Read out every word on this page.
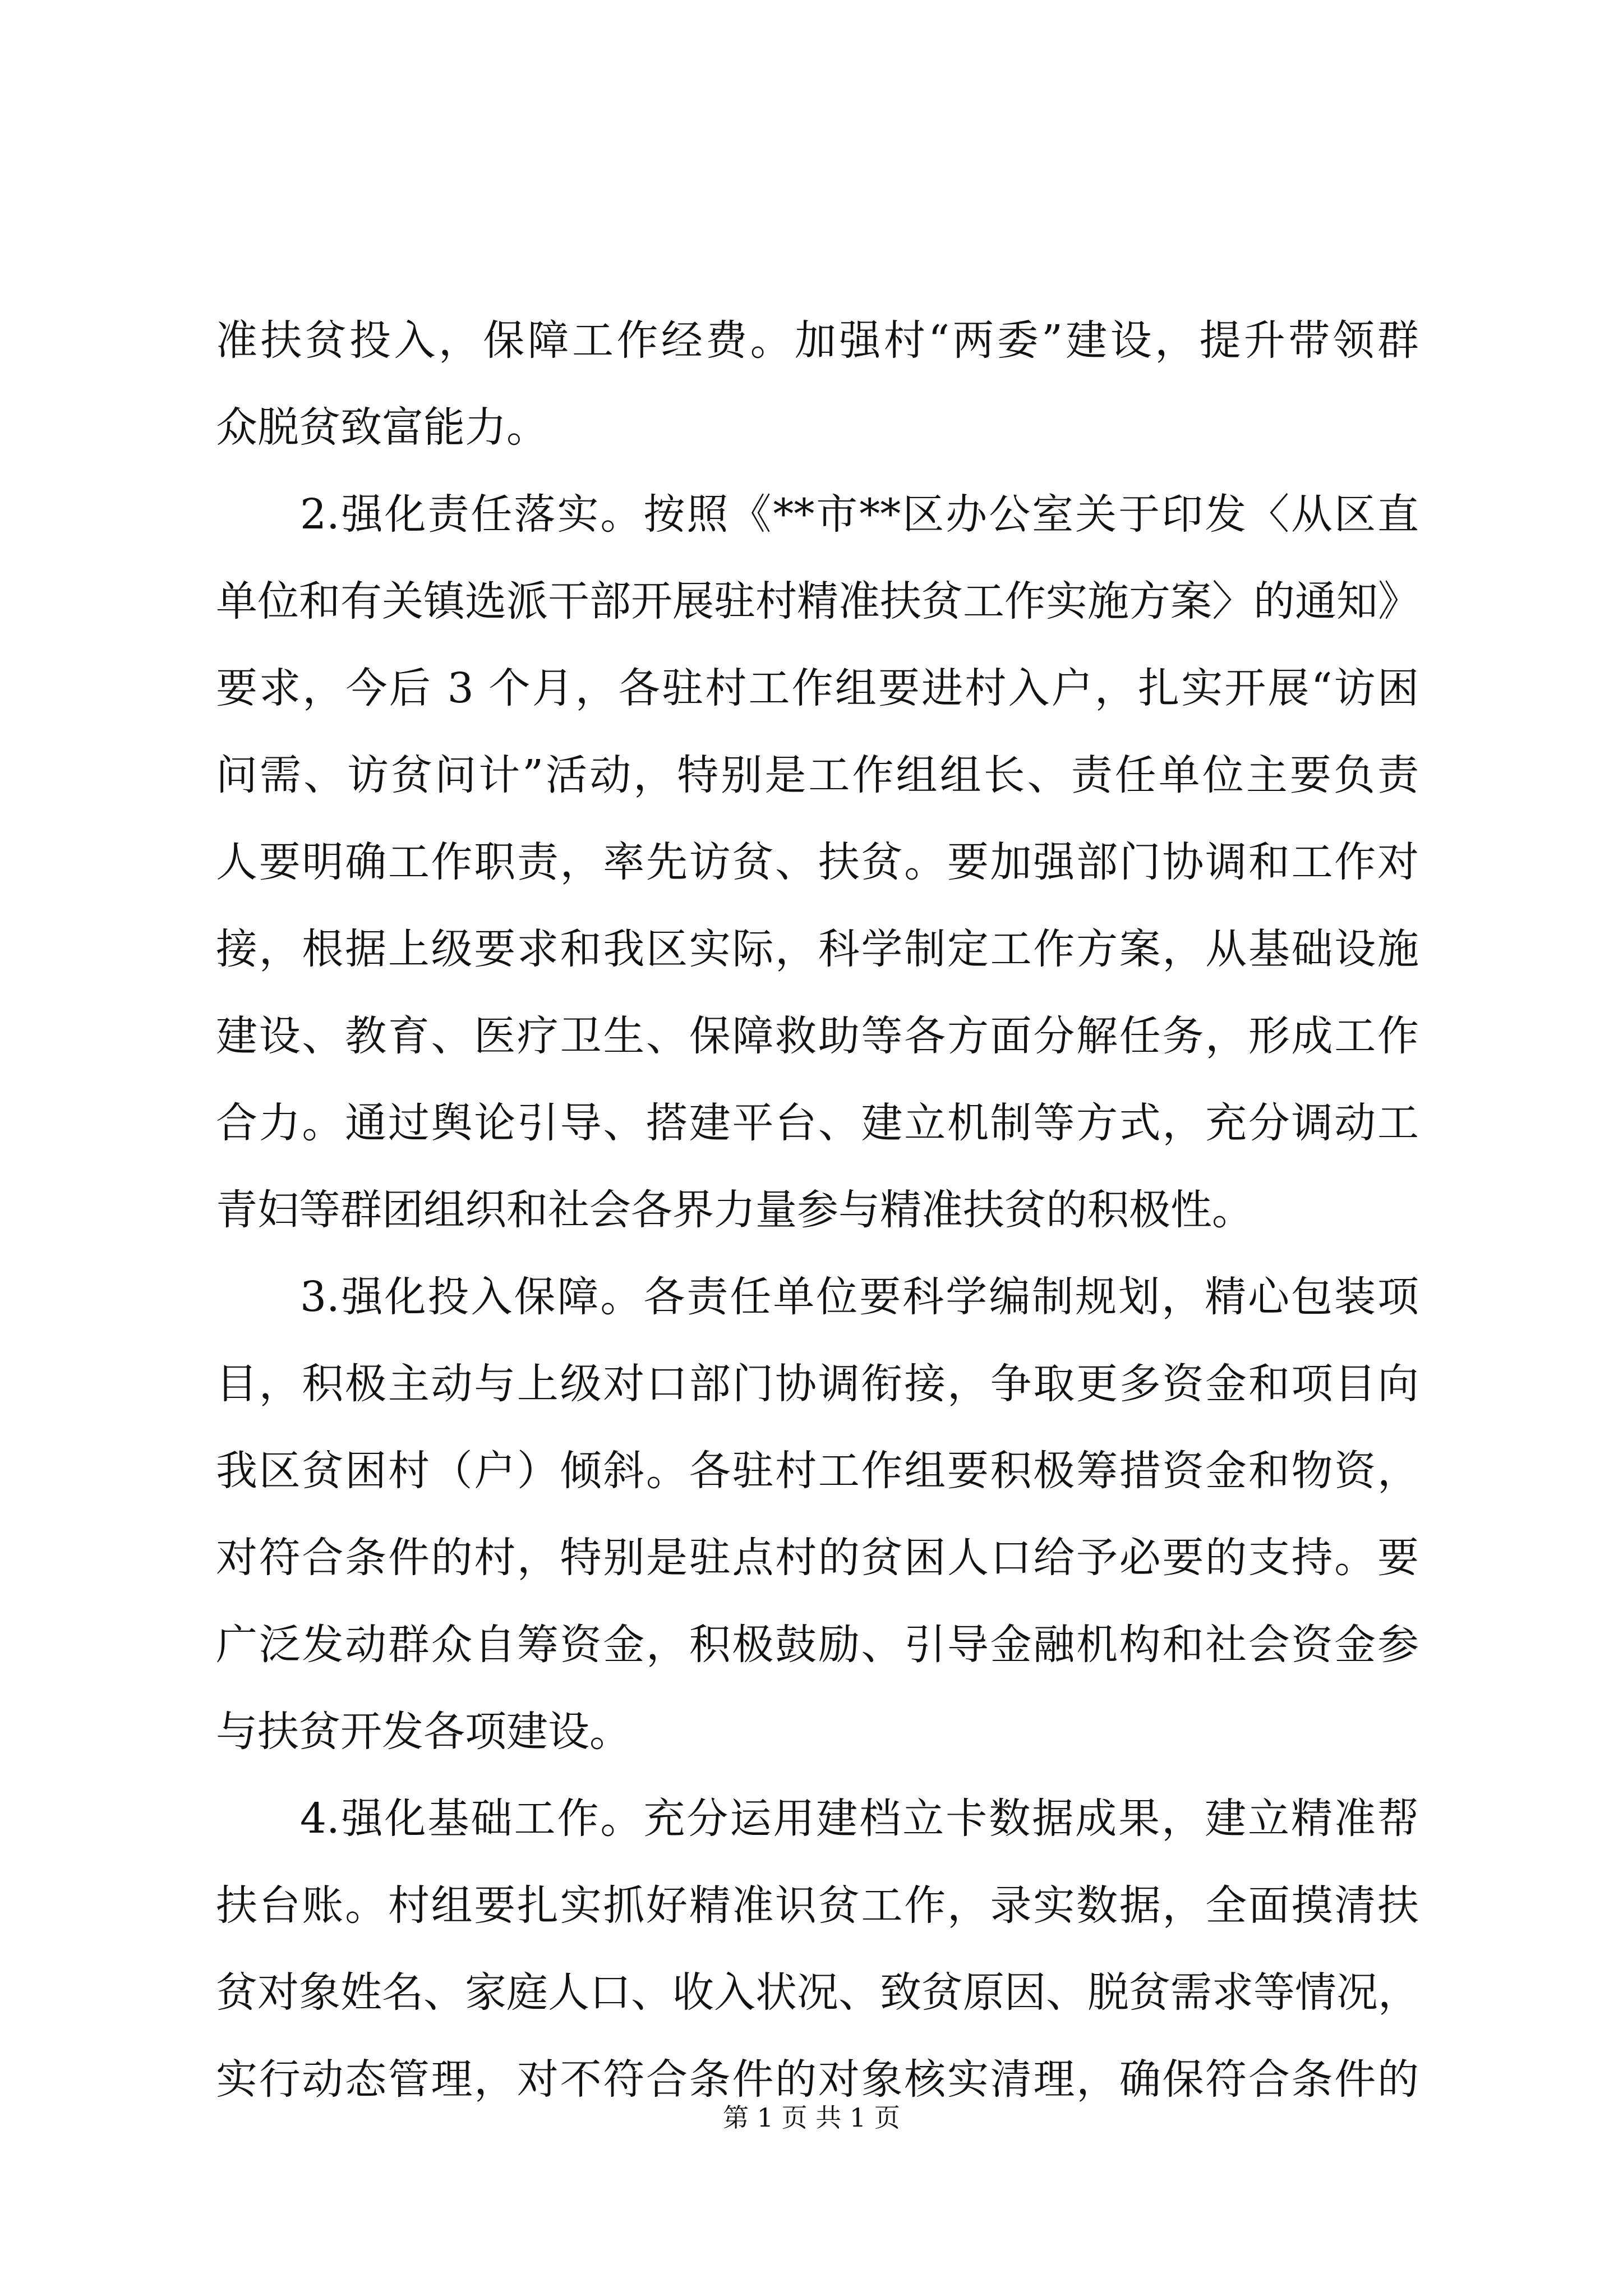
准扶贫投入，保障工作经费。加强村“两委”建设，提升带领群
众脱贫致富能力。
2.强化责任落实。按照《**市**区办公室关于印发〈从区直
单位和有关镇选派干部开展驻村精准扶贫工作实施方案〉的通知》
要求，今后 3 个月，各驻村工作组要进村入户，扎实开展“访困
问需、访贫问计”活动，特别是工作组组长、责任单位主要负责
人要明确工作职责，率先访贫、扶贫。要加强部门协调和工作对
接，根据上级要求和我区实际，科学制定工作方案，从基础设施
建设、教育、医疗卫生、保障救助等各方面分解任务，形成工作
合力。通过舆论引导、搭建平台、建立机制等方式，充分调动工
青妇等群团组织和社会各界力量参与精准扶贫的积极性。
3.强化投入保障。各责任单位要科学编制规划，精心包装项
目，积极主动与上级对口部门协调衔接，争取更多资金和项目向
我区贫困村（户）倾斜。各驻村工作组要积极筹措资金和物资，
对符合条件的村，特别是驻点村的贫困人口给予必要的支持。要
广泛发动群众自筹资金，积极鼓励、引导金融机构和社会资金参
与扶贫开发各项建设。
4.强化基础工作。充分运用建档立卡数据成果，建立精准帮
扶台账。村组要扎实抓好精准识贫工作，录实数据，全面摸清扶
贫对象姓名、家庭人口、收入状况、致贫原因、脱贫需求等情况，
实行动态管理，对不符合条件的对象核实清理，确保符合条件的
第 1 页 共 1 页
